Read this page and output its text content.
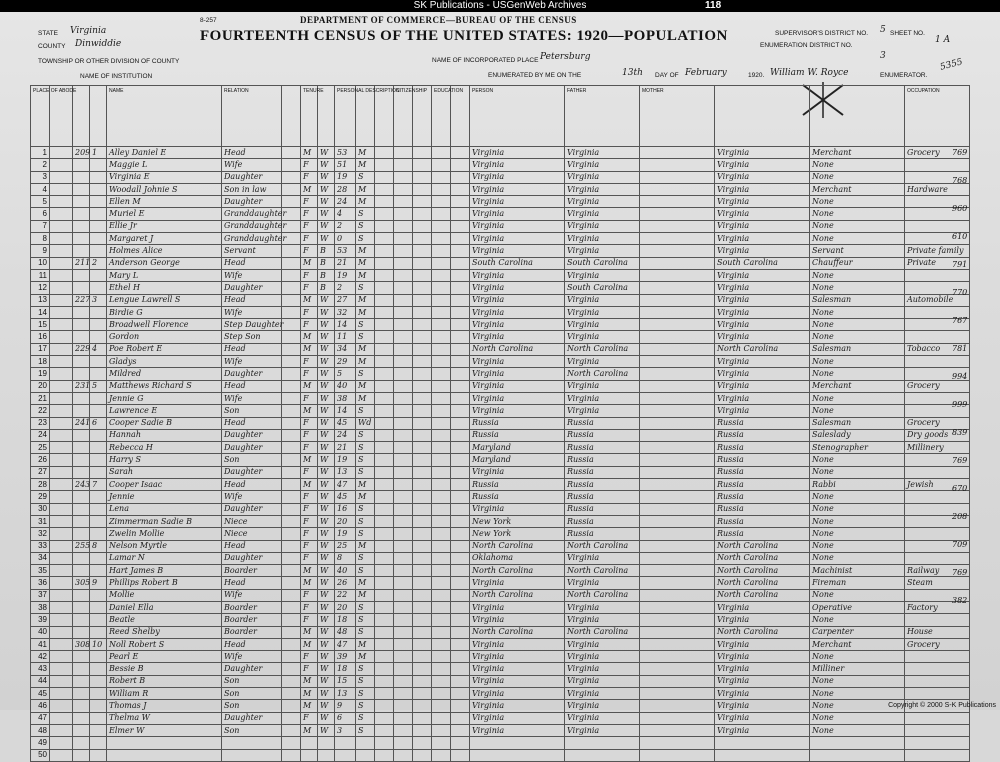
SK Publications - USGenWeb Archives	118
8-257	DEPARTMENT OF COMMERCE—BUREAU OF THE CENSUS
FOURTEENTH CENSUS OF THE UNITED STATES: 1920—POPULATION
STATE Virginia
COUNTY Dinwiddie
TOWNSHIP OR OTHER DIVISION OF COUNTY
NAME OF INSTITUTION
NAME OF INCORPORATED PLACE Petersburg
ENUMERATED BY ME ON THE	13th DAY OF February	1920. William W. Royce	ENUMERATOR.
SUPERVISOR'S DISTRICT NO. 5
ENUMERATION DISTRICT NO.
3
SHEET NO.
1 A
5355
PLACE OF ABODE				NAME	RELATION		TENURE		PERSONAL DESCRIPTION			CITIZENSHIP		EDUCATION		PERSON	FATHER	MOTHER			OCCUPATION
1		209	1	Alley Daniel E	Head		M	W	53	M						Virginia	Virginia		Virginia	Merchant	Grocery
2				Maggie L	Wife		F	W	51	M						Virginia	Virginia		Virginia	None	
3				Virginia E	Daughter		F	W	19	S						Virginia	Virginia		Virginia	None	
4				Woodall Johnie S	Son in law		M	W	28	M						Virginia	Virginia		Virginia	Merchant	Hardware
5				Ellen M	Daughter		F	W	24	M						Virginia	Virginia		Virginia	None	
6				Muriel E	Granddaughter		F	W	4	S						Virginia	Virginia		Virginia	None	
7				Ellie Jr	Granddaughter		F	W	2	S						Virginia	Virginia		Virginia	None	
8				Margaret J	Granddaughter		F	W	0	S						Virginia	Virginia		Virginia	None	
9				Holmes Alice	Servant		F	B	53	M						Virginia	Virginia		Virginia	Servant	Private family
10		211	2	Anderson George	Head		M	B	21	M						South Carolina	South Carolina		South Carolina	Chauffeur	Private
11				Mary L	Wife		F	B	19	M						Virginia	Virginia		Virginia	None	
12				Ethel H	Daughter		F	B	2	S						Virginia	South Carolina		Virginia	None	
13		227	3	Lengue Lawrell S	Head		M	W	27	M						Virginia	Virginia		Virginia	Salesman	Automobile
14				Birdie G	Wife		F	W	32	M						Virginia	Virginia		Virginia	None	
15				Broadwell Florence	Step Daughter		F	W	14	S						Virginia	Virginia		Virginia	None	
16				Gordon	Step Son		M	W	11	S						Virginia	Virginia		Virginia	None	
17		229	4	Poe Robert E	Head		M	W	34	M						North Carolina	North Carolina		North Carolina	Salesman	Tobacco
18				Gladys	Wife		F	W	29	M						Virginia	Virginia		Virginia	None	
19				Mildred	Daughter		F	W	5	S						Virginia	North Carolina		Virginia	None	
20		231	5	Matthews Richard S	Head		M	W	40	M						Virginia	Virginia		Virginia	Merchant	Grocery
21				Jennie G	Wife		F	W	38	M						Virginia	Virginia		Virginia	None	
22				Lawrence E	Son		M	W	14	S						Virginia	Virginia		Virginia	None	
23		241	6	Cooper Sadie B	Head		F	W	45	Wd						Russia	Russia		Russia	Salesman	Grocery
24				Hannah	Daughter		F	W	24	S						Russia	Russia		Russia	Saleslady	Dry goods
25				Rebecca H	Daughter		F	W	21	S						Maryland	Russia		Russia	Stenographer	Millinery
26				Harry S	Son		M	W	19	S						Maryland	Russia		Russia	None	
27				Sarah	Daughter		F	W	13	S						Virginia	Russia		Russia	None	
28		243	7	Cooper Isaac	Head		M	W	47	M						Russia	Russia		Russia	Rabbi	Jewish
29				Jennie	Wife		F	W	45	M						Russia	Russia		Russia	None	
30				Lena	Daughter		F	W	16	S						Virginia	Russia		Russia	None	
31				Zimmerman Sadie B	Niece		F	W	20	S						New York	Russia		Russia	None	
32				Zwelin Mollie	Niece		F	W	19	S						New York	Russia		Russia	None	
33		255	8	Nelson Myrtle	Head		F	W	25	M						North Carolina	North Carolina		North Carolina	None	
34				Lamar N	Daughter		F	W	8	S						Oklahoma	Virginia		North Carolina	None	
35				Hart James B	Boarder		M	W	40	S						North Carolina	North Carolina		North Carolina	Machinist	Railway
36		305	9	Phillips Robert B	Head		M	W	26	M						Virginia	Virginia		North Carolina	Fireman	Steam
37				Mollie	Wife		F	W	22	M						North Carolina	North Carolina		North Carolina	None	
38				Daniel Ella	Boarder		F	W	20	S						Virginia	Virginia		Virginia	Operative	Factory
39				Beatle	Boarder		F	W	18	S						Virginia	Virginia		Virginia	None	
40				Reed Shelby	Boarder		M	W	48	S						North Carolina	North Carolina		North Carolina	Carpenter	House
41		308	10	Noll Robert S	Head		M	W	47	M						Virginia	Virginia		Virginia	Merchant	Grocery
42				Pearl E	Wife		F	W	39	M						Virginia	Virginia		Virginia	None	
43				Bessie B	Daughter		F	W	18	S						Virginia	Virginia		Virginia	Milliner	
44				Robert B	Son		M	W	15	S						Virginia	Virginia		Virginia	None	
45				William R	Son		M	W	13	S						Virginia	Virginia		Virginia	None	
46				Thomas J	Son		M	W	9	S						Virginia	Virginia		Virginia	None	
47				Thelma W	Daughter		F	W	6	S						Virginia	Virginia		Virginia	None	
48				Elmer W	Son		M	W	3	S						Virginia	Virginia		Virginia	None	
49																					
50																					
769
768
960
610
791
770
767
781
994
999
839
769
670
208
709
769
382
Copyright © 2000 S-K Publications
